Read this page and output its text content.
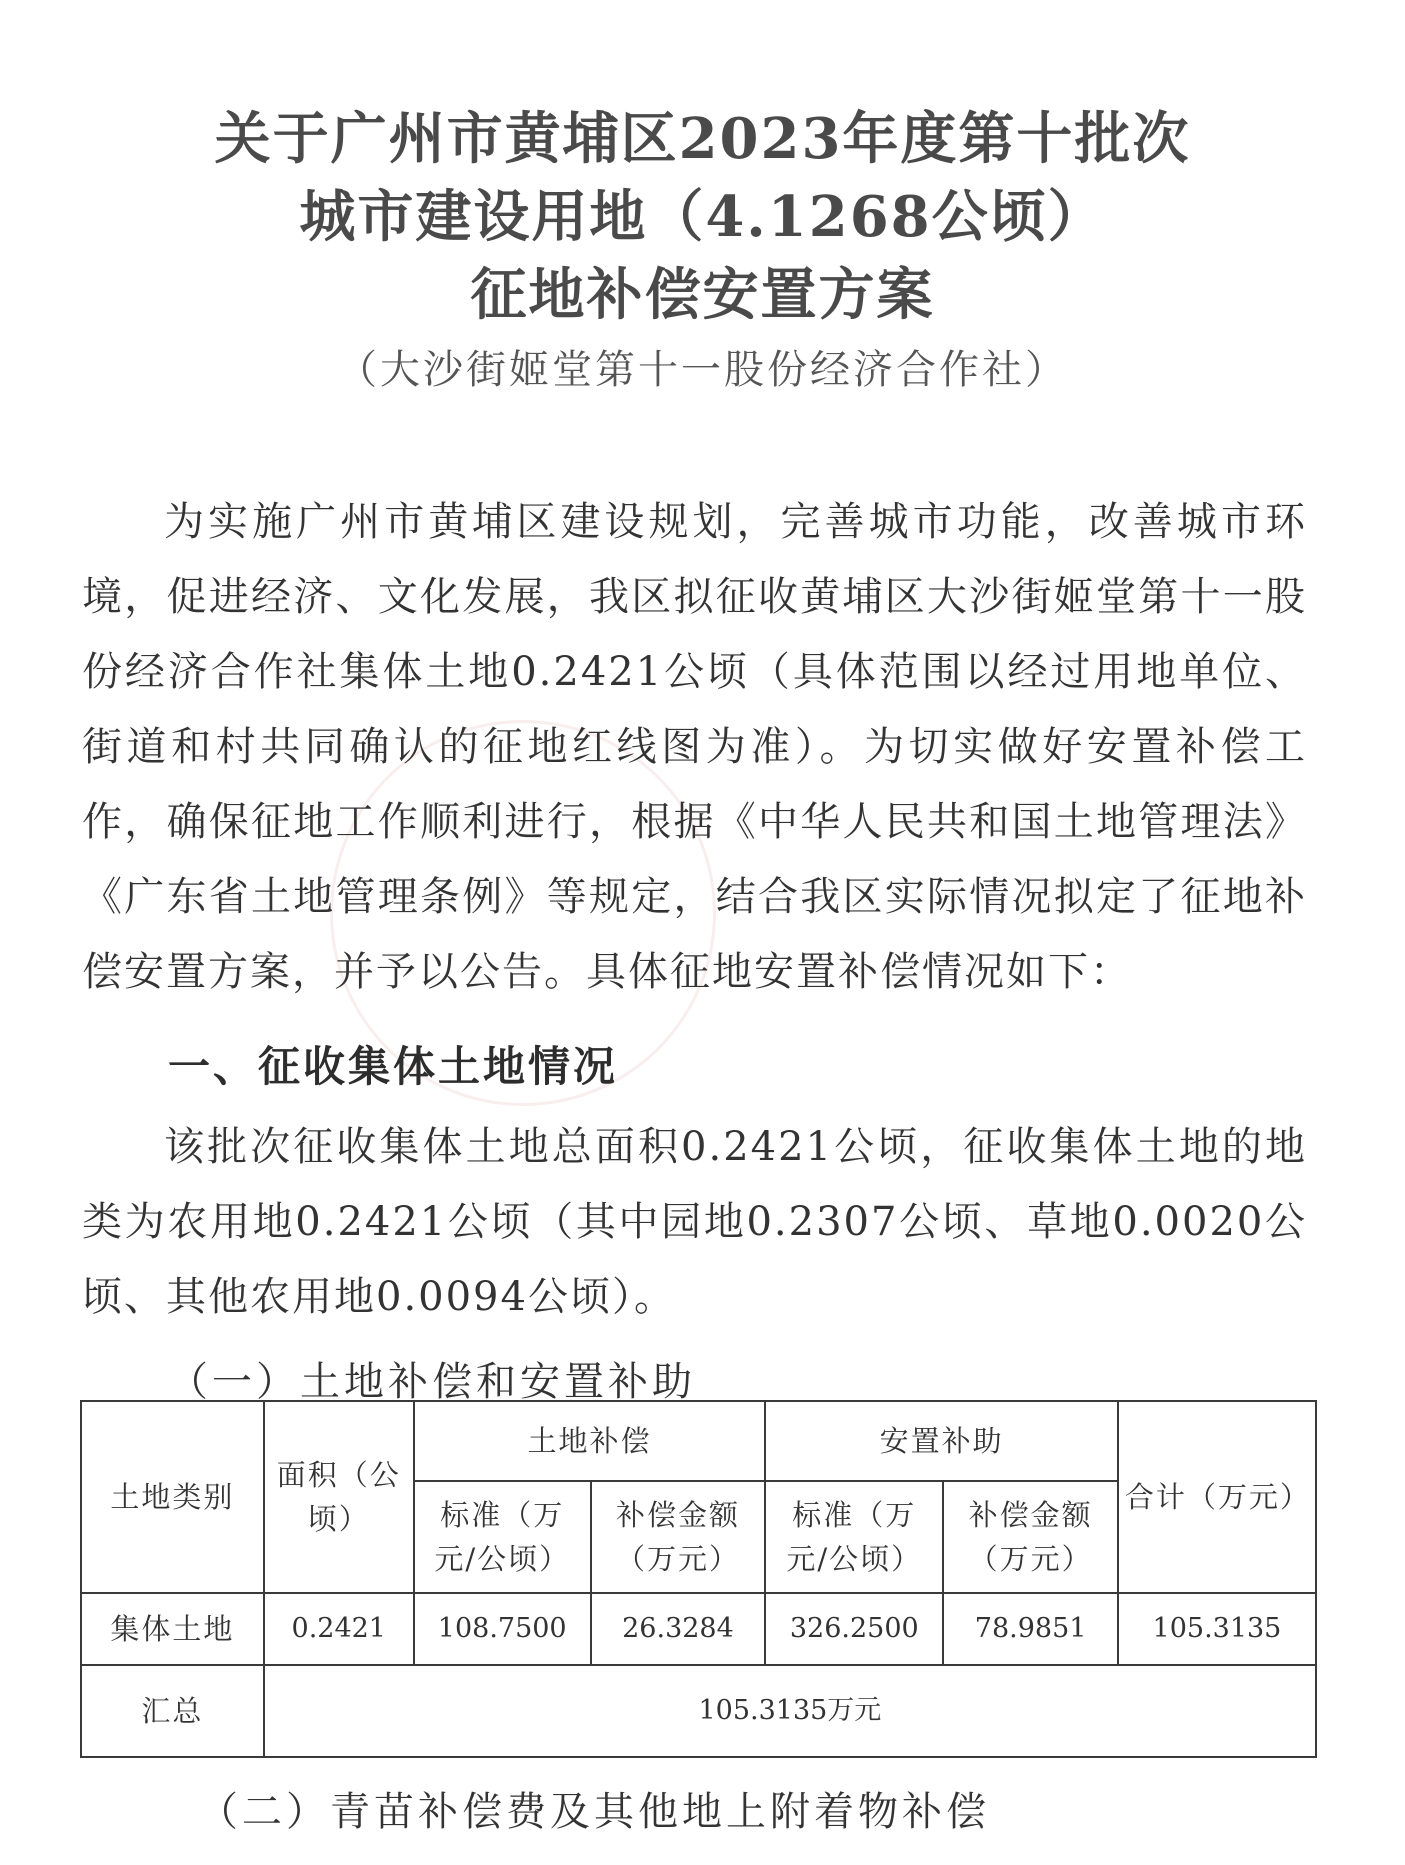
关于广州市黄埔区2023年度第十批次
城市建设用地（4.1268公顷）
征地补偿安置方案
（大沙街姬堂第十一股份经济合作社）
为实施广州市黄埔区建设规划，完善城市功能，改善城市环境，促进经济、文化发展，我区拟征收黄埔区大沙街姬堂第十一股份经济合作社集体土地0.2421公顷（具体范围以经过用地单位、街道和村共同确认的征地红线图为准）。为切实做好安置补偿工作，确保征地工作顺利进行，根据《中华人民共和国土地管理法》《广东省土地管理条例》等规定，结合我区实际情况拟定了征地补偿安置方案，并予以公告。具体征地安置补偿情况如下：
一、征收集体土地情况
该批次征收集体土地总面积0.2421公顷，征收集体土地的地类为农用地0.2421公顷（其中园地0.2307公顷、草地0.0020公顷、其他农用地0.0094公顷）。
（一）土地补偿和安置补助
土地类别	面积（公顷）	土地补偿		安置补助		合计（万元）
		标准（万元/公顷）	补偿金额（万元）	标准（万元/公顷）	补偿金额（万元）	
集体土地	0.2421	108.7500	26.3284	326.2500	78.9851	105.3135
汇总	105.3135万元					
（二）青苗补偿费及其他地上附着物补偿
